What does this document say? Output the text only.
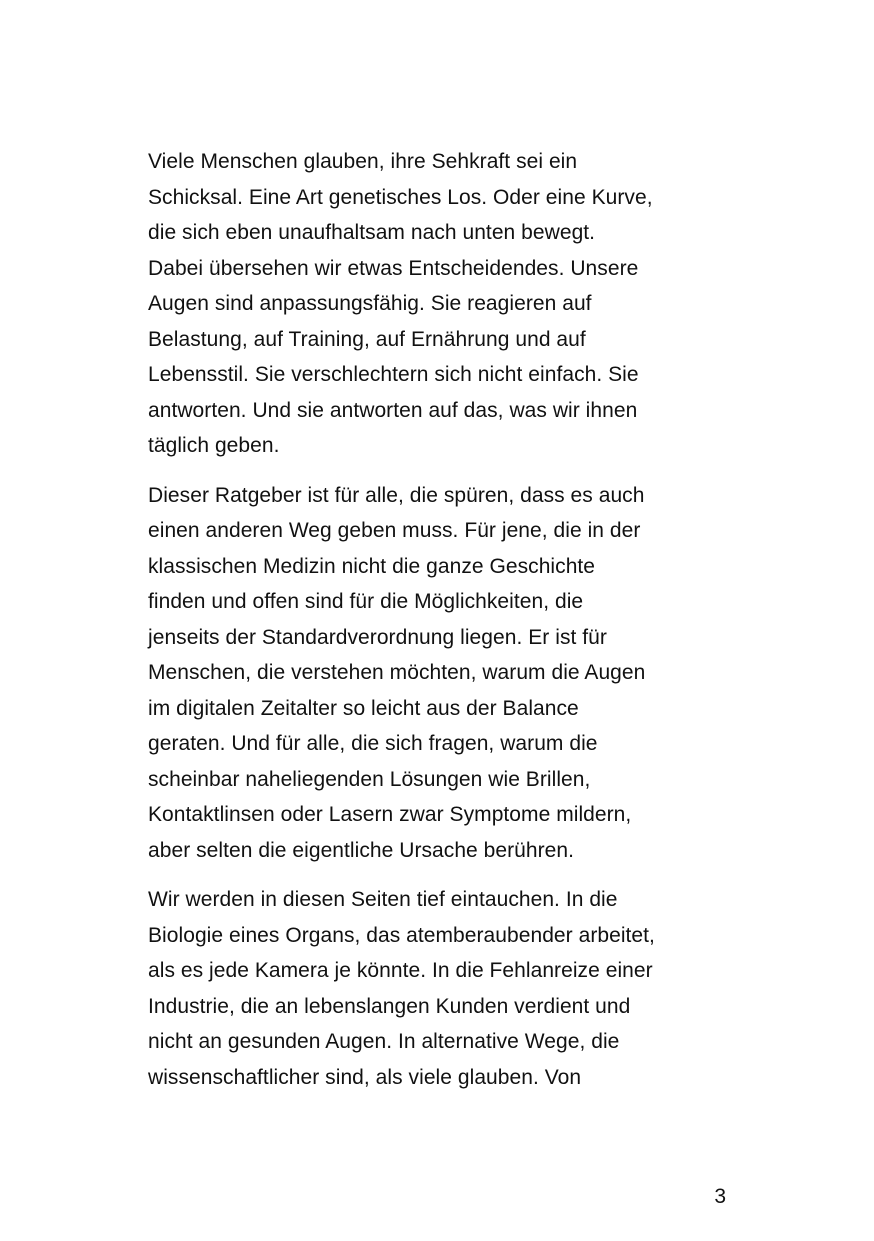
Viele Menschen glauben, ihre Sehkraft sei ein
Schicksal. Eine Art genetisches Los. Oder eine Kurve,
die sich eben unaufhaltsam nach unten bewegt.
Dabei übersehen wir etwas Entscheidendes. Unsere
Augen sind anpassungsfähig. Sie reagieren auf
Belastung, auf Training, auf Ernährung und auf
Lebensstil. Sie verschlechtern sich nicht einfach. Sie
antworten. Und sie antworten auf das, was wir ihnen
täglich geben.

Dieser Ratgeber ist für alle, die spüren, dass es auch
einen anderen Weg geben muss. Für jene, die in der
klassischen Medizin nicht die ganze Geschichte
finden und offen sind für die Möglichkeiten, die
jenseits der Standardverordnung liegen. Er ist für
Menschen, die verstehen möchten, warum die Augen
im digitalen Zeitalter so leicht aus der Balance
geraten. Und für alle, die sich fragen, warum die
scheinbar naheliegenden Lösungen wie Brillen,
Kontaktlinsen oder Lasern zwar Symptome mildern,
aber selten die eigentliche Ursache berühren.

Wir werden in diesen Seiten tief eintauchen. In die
Biologie eines Organs, das atemberaubender arbeitet,
als es jede Kamera je könnte. In die Fehlanreize einer
Industrie, die an lebenslangen Kunden verdient und
nicht an gesunden Augen. In alternative Wege, die
wissenschaftlicher sind, als viele glauben. Von

3
